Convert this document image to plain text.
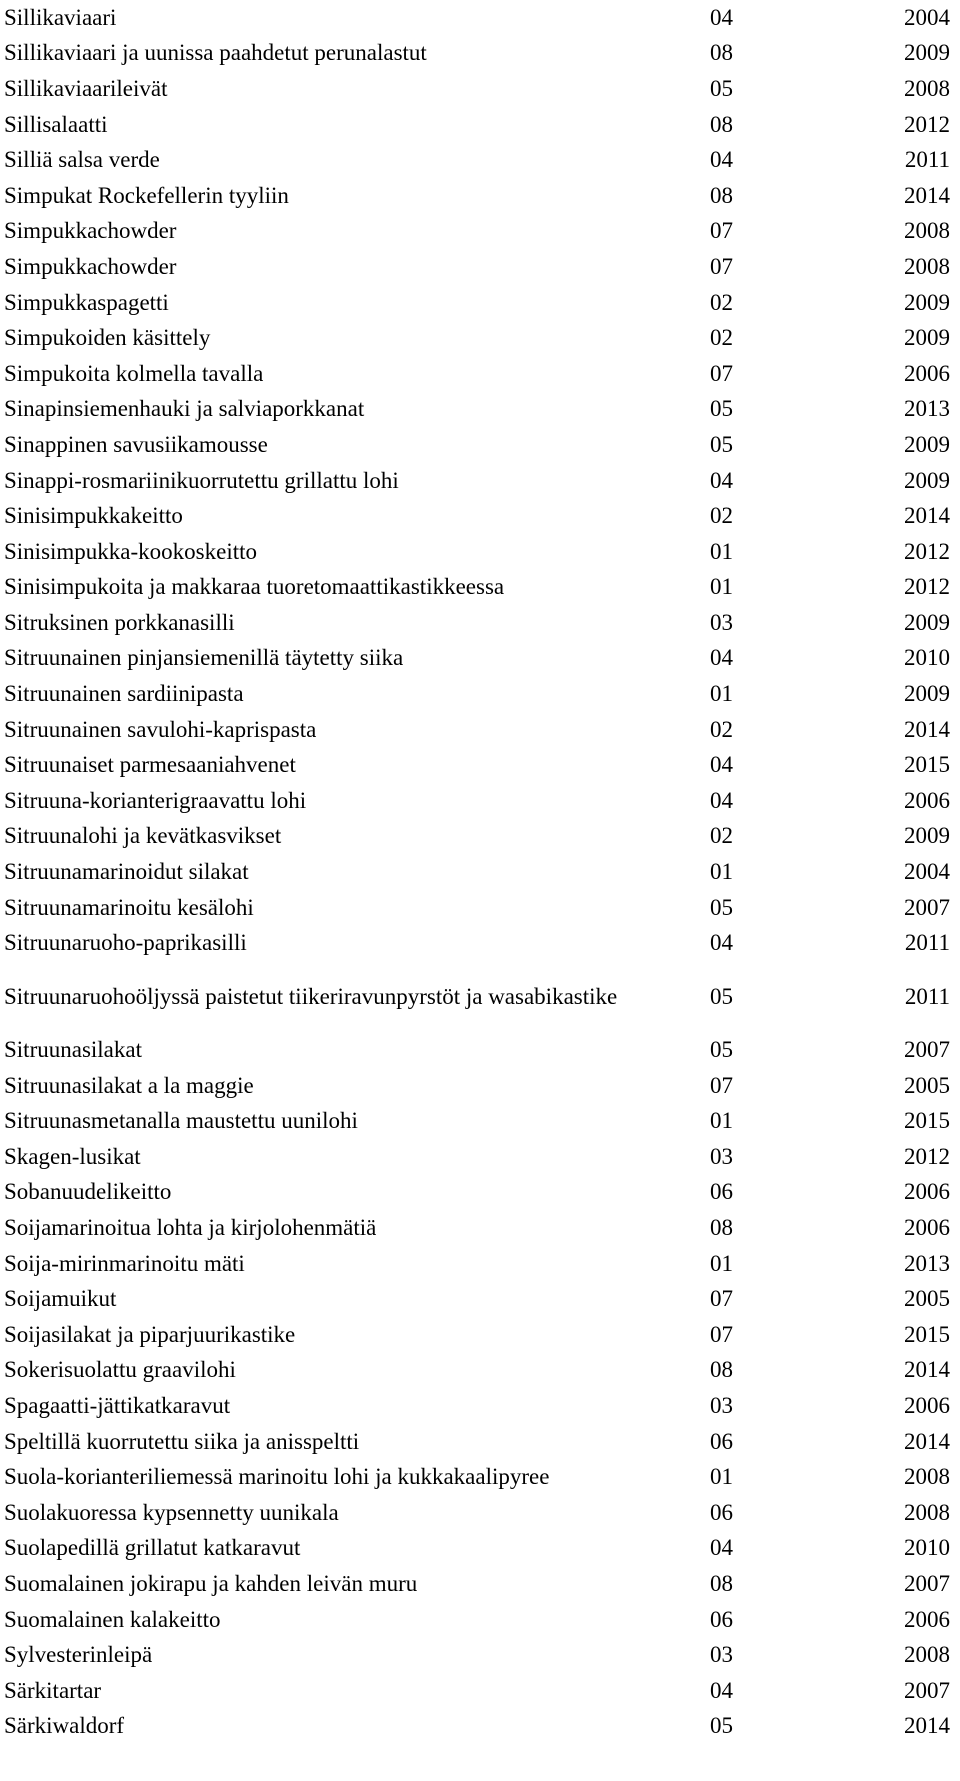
Sillikaviaari	04	2004
Sillikaviaari ja uunissa paahdetut perunalastut	08	2009
Sillikaviaarileivät	05	2008
Sillisalaatti	08	2012
Silliä salsa verde	04	2011
Simpukat Rockefellerin tyyliin	08	2014
Simpukkachowder	07	2008
Simpukkachowder	07	2008
Simpukkaspagetti	02	2009
Simpukoiden käsittely	02	2009
Simpukoita kolmella tavalla	07	2006
Sinapinsiemenhauki ja salviaporkkanat	05	2013
Sinappinen savusiikamousse	05	2009
Sinappi-rosmariinikuorrutettu grillattu lohi	04	2009
Sinisimpukkakeitto	02	2014
Sinisimpukka-kookoskeitto	01	2012
Sinisimpukoita ja makkaraa tuoretomaattikastikkeessa	01	2012
Sitruksinen porkkanasilli	03	2009
Sitruunainen pinjansiemenillä täytetty siika	04	2010
Sitruunainen sardiinipasta	01	2009
Sitruunainen savulohi-kaprispasta	02	2014
Sitruunaiset parmesaaniahvenet	04	2015
Sitruuna-korianterigraavattu lohi	04	2006
Sitruunalohi ja kevätkasvikset	02	2009
Sitruunamarinoidut silakat	01	2004
Sitruunamarinoitu kesälohi	05	2007
Sitruunaruoho-paprikasilli	04	2011
Sitruunaruohoöljyssä paistetut tiikeriravunpyrstöt ja wasabikastike	05	2011
Sitruunasilakat	05	2007
Sitruunasilakat a la maggie	07	2005
Sitruunasmetanalla maustettu uunilohi	01	2015
Skagen-lusikat	03	2012
Sobanuudelikeitto	06	2006
Soijamarinoitua lohta ja kirjolohenmätiä	08	2006
Soija-mirinmarinoitu mäti	01	2013
Soijamuikut	07	2005
Soijasilakat ja piparjuurikastike	07	2015
Sokerisuolattu graavilohi	08	2014
Spagaatti-jättikatkaravut	03	2006
Speltillä kuorrutettu siika ja anisspeltti	06	2014
Suola-korianteriliemessä marinoitu lohi ja kukkakaalipyree	01	2008
Suolakuoressa kypsennetty uunikala	06	2008
Suolapedillä grillatut katkaravut	04	2010
Suomalainen jokirapu ja kahden leivän muru	08	2007
Suomalainen kalakeitto	06	2006
Sylvesterinleipä	03	2008
Särkitartar	04	2007
Särkiwaldorf	05	2014
